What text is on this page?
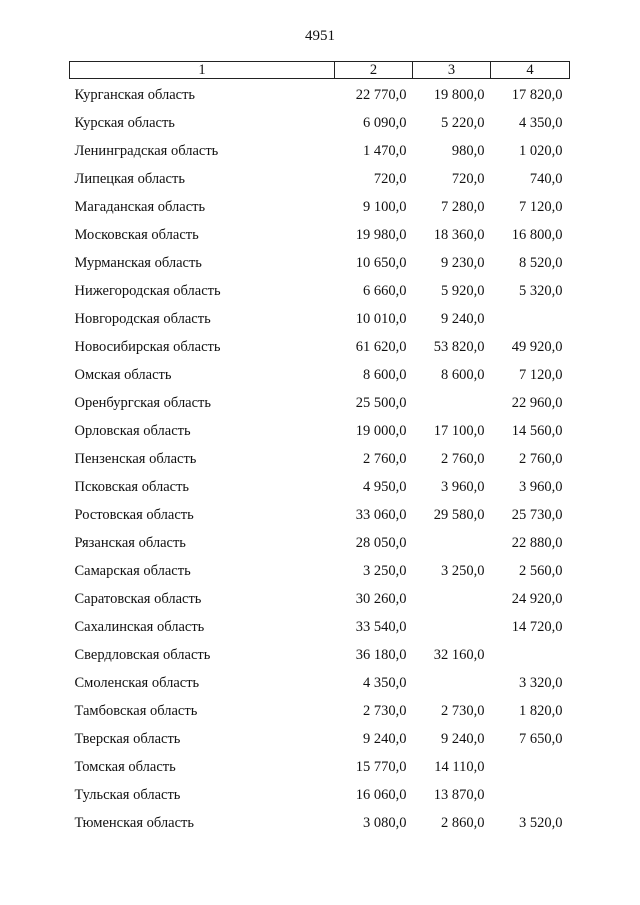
4951
1	2	3	4
Курганская область	22 770,0	19 800,0	17 820,0
Курская область	6 090,0	5 220,0	4 350,0
Ленинградская область	1 470,0	980,0	1 020,0
Липецкая область	720,0	720,0	740,0
Магаданская область	9 100,0	7 280,0	7 120,0
Московская область	19 980,0	18 360,0	16 800,0
Мурманская область	10 650,0	9 230,0	8 520,0
Нижегородская область	6 660,0	5 920,0	5 320,0
Новгородская область	10 010,0	9 240,0	
Новосибирская область	61 620,0	53 820,0	49 920,0
Омская область	8 600,0	8 600,0	7 120,0
Оренбургская область	25 500,0		22 960,0
Орловская область	19 000,0	17 100,0	14 560,0
Пензенская область	2 760,0	2 760,0	2 760,0
Псковская область	4 950,0	3 960,0	3 960,0
Ростовская область	33 060,0	29 580,0	25 730,0
Рязанская область	28 050,0		22 880,0
Самарская область	3 250,0	3 250,0	2 560,0
Саратовская область	30 260,0		24 920,0
Сахалинская область	33 540,0		14 720,0
Свердловская область	36 180,0	32 160,0	
Смоленская область	4 350,0		3 320,0
Тамбовская область	2 730,0	2 730,0	1 820,0
Тверская область	9 240,0	9 240,0	7 650,0
Томская область	15 770,0	14 110,0	
Тульская область	16 060,0	13 870,0	
Тюменская область	3 080,0	2 860,0	3 520,0
